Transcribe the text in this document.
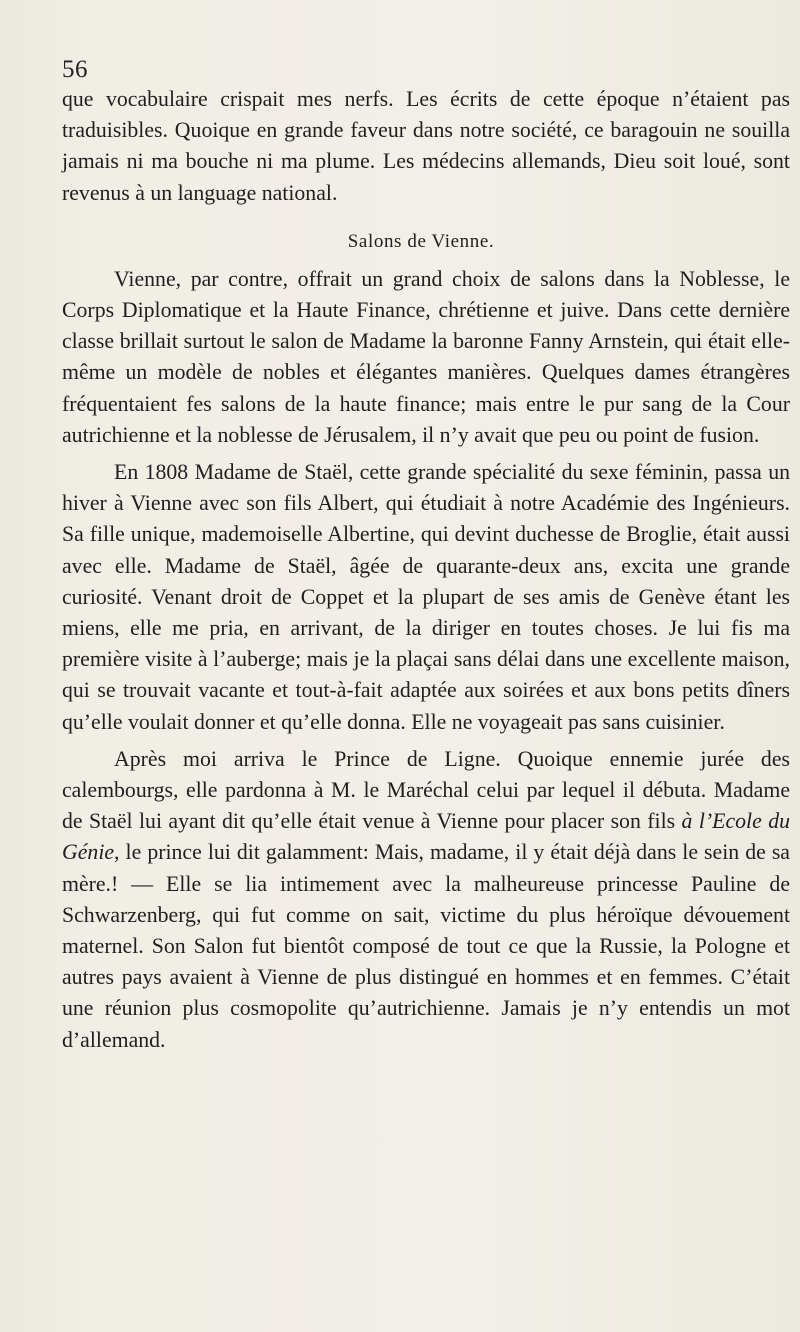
56

que vocabulaire crispait mes nerfs. Les écrits de cette époque n’étaient pas traduisibles. Quoique en grande faveur dans notre société, ce baragouin ne souilla jamais ni ma bouche ni ma plume. Les médecins allemands, Dieu soit loué, sont revenus à un language national.

Salons de Vienne.

Vienne, par contre, offrait un grand choix de salons dans la Noblesse, le Corps Diplomatique et la Haute Finance, chrétienne et juive. Dans cette dernière classe brillait surtout le salon de Madame la baronne Fanny Arnstein, qui était elle-même un modèle de nobles et élégantes manières. Quelques dames étrangères fréquentaient fes salons de la haute finance; mais entre le pur sang de la Cour autrichienne et la noblesse de Jérusalem, il n’y avait que peu ou point de fusion.

En 1808 Madame de Staël, cette grande spécialité du sexe féminin, passa un hiver à Vienne avec son fils Albert, qui étudiait à notre Académie des Ingénieurs. Sa fille unique, mademoiselle Albertine, qui devint duchesse de Broglie, était aussi avec elle. Madame de Staël, âgée de quarante-deux ans, excita une grande curiosité. Venant droit de Coppet et la plupart de ses amis de Genève étant les miens, elle me pria, en arrivant, de la diriger en toutes choses. Je lui fis ma première visite à l’auberge; mais je la plaçai sans délai dans une excellente maison, qui se trouvait vacante et tout-à-fait adaptée aux soirées et aux bons petits dîners qu’elle voulait donner et qu’elle donna. Elle ne voyageait pas sans cuisinier.

Après moi arriva le Prince de Ligne. Quoique ennemie jurée des calembourgs, elle pardonna à M. le Maréchal celui par lequel il débuta. Madame de Staël lui ayant dit qu’elle était venue à Vienne pour placer son fils à l’Ecole du Génie, le prince lui dit galamment: Mais, madame, il y était déjà dans le sein de sa mère.! — Elle se lia intimement avec la malheureuse princesse Pauline de Schwarzenberg, qui fut comme on sait, victime du plus héroïque dévouement maternel. Son Salon fut bientôt composé de tout ce que la Russie, la Pologne et autres pays avaient à Vienne de plus distingué en hommes et en femmes. C’était une réunion plus cosmopolite qu’autrichienne. Jamais je n’y entendis un mot d’allemand.
